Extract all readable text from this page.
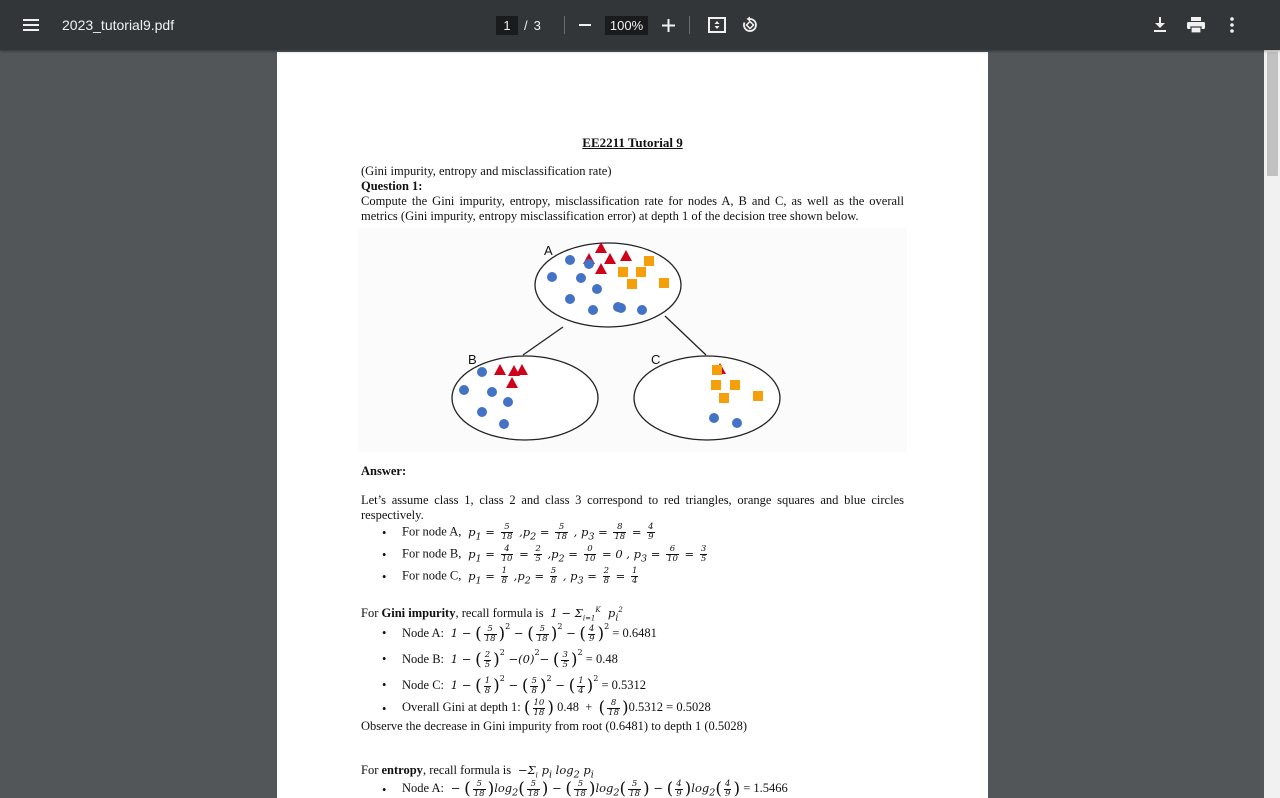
2023_tutorial9.pdf	1	/ 3	100%
EE2211 Tutorial 9
(Gini impurity, entropy and misclassification rate)
Question 1:
Compute the Gini impurity, entropy, misclassification rate for nodes A, B and C, as well as the overall
metrics (Gini impurity, entropy misclassification error) at depth 1 of the decision tree shown below.
A
B	C
Answer:
Let’s assume class 1, class 2 and class 3 correspond to red triangles, orange squares and blue circles
respectively.
• For node A,  $p_1 = \frac{5}{18} ,p_2 = \frac{5}{18}$ , $p_3 = \frac{8}{18} = \frac{4}{9}$
• For node B,  $p_1 = \frac{4}{10} = \frac{2}{5} ,p_2 = \frac{0}{10} = 0$ , $p_3 = \frac{6}{10} = \frac{3}{5}$
• For node C,  $p_1 = \frac{1}{8} ,p_2 = \frac{5}{8}$ , $p_3 = \frac{2}{8} = \frac{1}{4}$
For Gini impurity, recall formula is $1 - \Sigma_{i=1}^K$  $p_i^2$
• Node A:  1 − ( $\frac{5}{18} )^2$ − ( $\frac{5}{18} )^2$ − ( $\frac{4}{9} )^2 = 0.6481$
• Node B:  1 − ( $\frac{2}{5} )^2 -(0)^2-$ ( $\frac{3}{5} )^2 = 0.48$
• Node C:  1 − ( $\frac{1}{8} )^2$ − ( $\frac{5}{8} )^2$ − ( $\frac{1}{4} )^2 = 0.5312$
• Overall Gini at depth 1: ( $\frac{10}{18}$ ) 0.48 + ( $\frac{8}{18} )0.5312 = 0.5028$
Observe the decrease in Gini impurity from root (0.6481) to depth 1 (0.5028)
For entropy, recall formula is  $-\Sigma_i$ $p_i$ $\log_2 p_i$
• Node A:  − ( $\frac{5}{18} )\log_2( \frac{5}{18}$ ) − ( $\frac{5}{18} )\log_2( \frac{5}{18}$ ) − ( $\frac{4}{9} )\log_2( \frac{4}{9}$ ) = 1.5466
